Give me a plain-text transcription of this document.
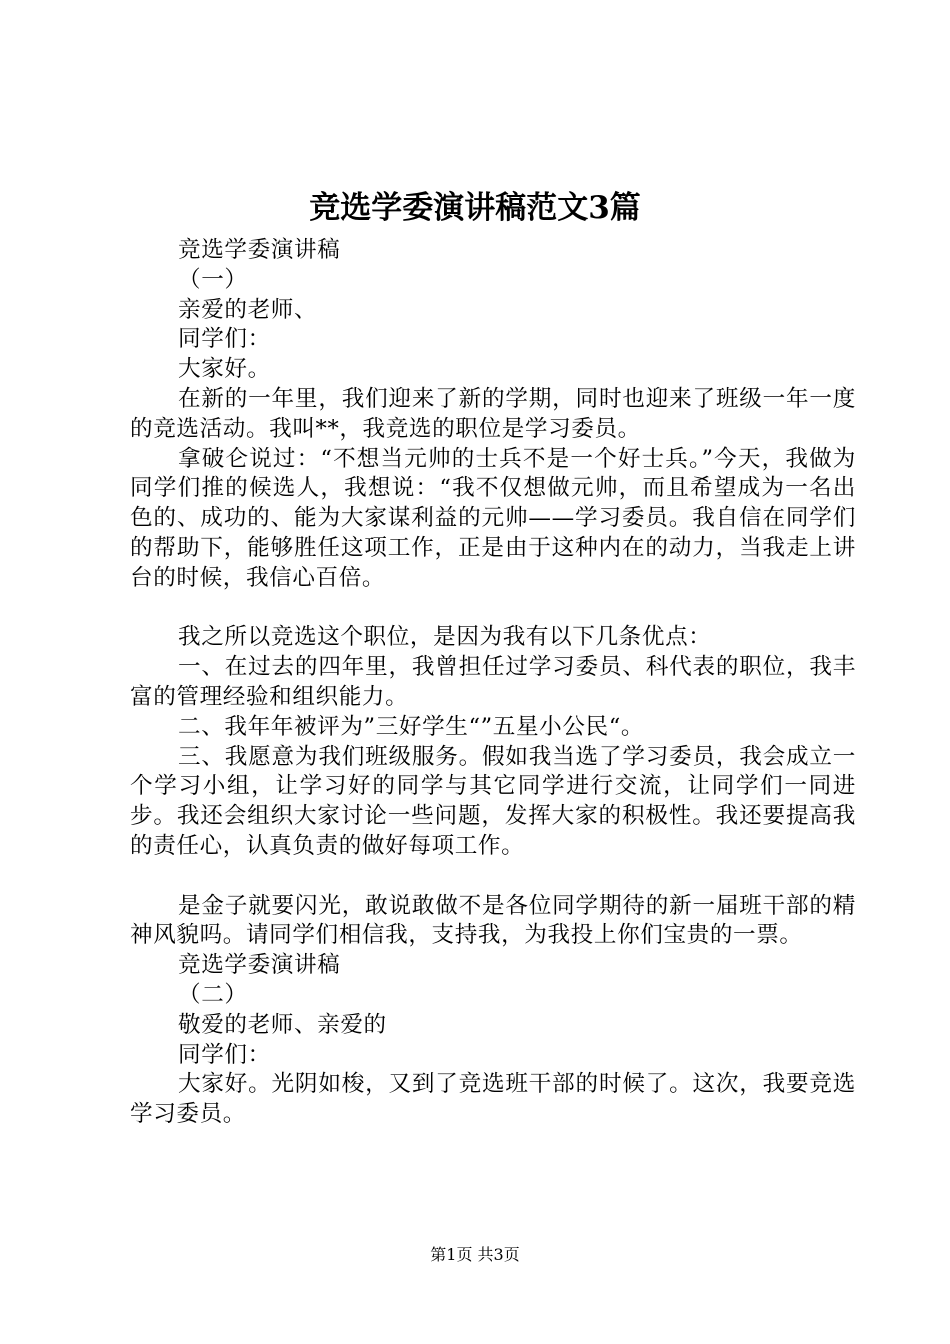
竞选学委演讲稿范文3篇

竞选学委演讲稿

（一）

亲爱的老师、

同学们：

大家好。

在新的一年里，我们迎来了新的学期，同时也迎来了班级一年一度的竞选活动。我叫**，我竞选的职位是学习委员。

拿破仑说过：“不想当元帅的士兵不是一个好士兵。”今天，我做为同学们推的候选人，我想说：“我不仅想做元帅，而且希望成为一名出色的、成功的、能为大家谋利益的元帅——学习委员。我自信在同学们的帮助下，能够胜任这项工作，正是由于这种内在的动力，当我走上讲台的时候，我信心百倍。

我之所以竞选这个职位，是因为我有以下几条优点：

一、在过去的四年里，我曾担任过学习委员、科代表的职位，我丰富的管理经验和组织能力。

二、我年年被评为”三好学生“”五星小公民“。

三、我愿意为我们班级服务。假如我当选了学习委员，我会成立一个学习小组，让学习好的同学与其它同学进行交流，让同学们一同进步。我还会组织大家讨论一些问题，发挥大家的积极性。我还要提高我的责任心，认真负责的做好每项工作。

是金子就要闪光，敢说敢做不是各位同学期待的新一届班干部的精神风貌吗。请同学们相信我，支持我，为我投上你们宝贵的一票。

竞选学委演讲稿

（二）

敬爱的老师、亲爱的

同学们：

大家好。光阴如梭，又到了竞选班干部的时候了。这次，我要竞选学习委员。

第1页 共3页
